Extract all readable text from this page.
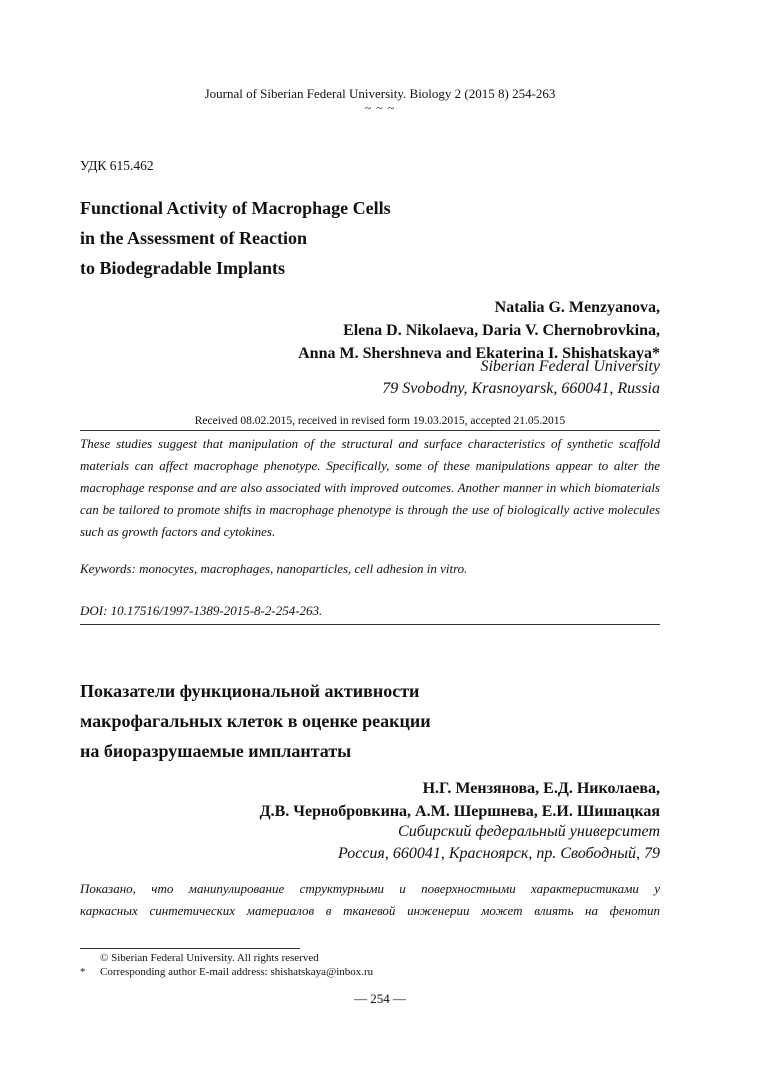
Journal of Siberian Federal University. Biology 2 (2015 8) 254-263
~ ~ ~
УДК 615.462
Functional Activity of Macrophage Cells
in the Assessment of Reaction
to Biodegradable Implants
Natalia G. Menzyanova,
Elena D. Nikolaeva, Daria V. Chernobrovkina,
Anna M. Shershneva and Ekaterina I. Shishatskaya*
Siberian Federal University
79 Svobodny, Krasnoyarsk, 660041, Russia
Received 08.02.2015, received in revised form 19.03.2015, accepted 21.05.2015
These studies suggest that manipulation of the structural and surface characteristics of synthetic scaffold materials can affect macrophage phenotype. Specifically, some of these manipulations appear to alter the macrophage response and are also associated with improved outcomes. Another manner in which biomaterials can be tailored to promote shifts in macrophage phenotype is through the use of biologically active molecules such as growth factors and cytokines.
Keywords: monocytes, macrophages, nanoparticles, cell adhesion in vitro.
DOI: 10.17516/1997-1389-2015-8-2-254-263.
Показатели функциональной активности
макрофагальных клеток в оценке реакции
на биоразрушаемые имплантаты
Н.Г. Мензянова, Е.Д. Николаева,
Д.В. Чернобровкина, А.М. Шершнева, Е.И. Шишацкая
Сибирский федеральный университет
Россия, 660041, Красноярск, пр. Свободный, 79
Показано, что манипулирование структурными и поверхностными характеристиками у
каркасных синтетических материалов в тканевой инженерии может влиять на фенотип
© Siberian Federal University. All rights reserved
* Corresponding author E-mail address: shishatskaya@inbox.ru
— 254 —
